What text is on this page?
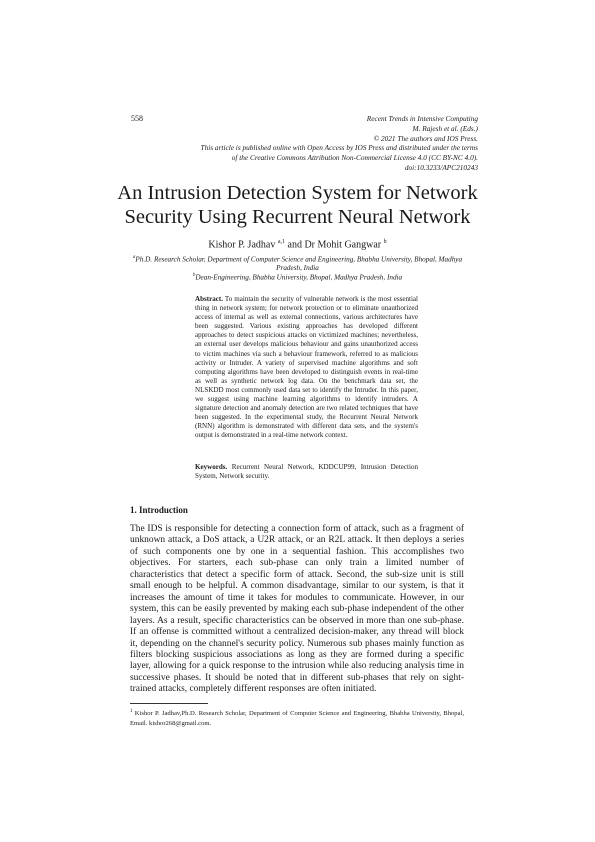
558	Recent Trends in Intensive Computing
M. Rajesh et al. (Eds.)
© 2021 The authors and IOS Press.
This article is published online with Open Access by IOS Press and distributed under the terms
of the Creative Commons Attribution Non-Commercial License 4.0 (CC BY-NC 4.0).
doi:10.3233/APC210243
An Intrusion Detection System for Network
Security Using Recurrent Neural Network
Kishor P. Jadhav $^{a,1}$ and Dr Mohit Gangwar $^b$
$^a$Ph.D. Research Scholar, Department of Computer Science and Engineering, Bhabha University, Bhopal, Madhya Pradesh, India
$^b$Dean-Engineering, Bhabha University, Bhopal, Madhya Pradesh, India

Abstract. To maintain the security of vulnerable network is the most essential thing in network system; for network protection or to eliminate unauthorized access of internal as well as external connections, various architectures have been suggested. Various existing approaches has developed different approaches to detect suspicious attacks on victimized machines; nevertheless, an external user develops malicious behaviour and gains unauthorized access to victim machines via such a behaviour framework, referred to as malicious activity or Intruder. A variety of supervised machine algorithms and soft computing algorithms have been developed to distinguish events in real-time as well as synthetic network log data. On the benchmark data set, the NLSKDD most commonly used data set to identify the Intruder. In this paper, we suggest using machine learning algorithms to identify intruders. A signature detection and anomaly detection are two related techniques that have been suggested. In the experimental study, the Recurrent Neural Network (RNN) algorithm is demonstrated with different data sets, and the system's output is demonstrated in a real-time network context.

Keywords. Recurrent Neural Network, KDDCUP99, Intrusion Detection System, Network security.

1. Introduction

The IDS is responsible for detecting a connection form of attack, such as a fragment of unknown attack, a DoS attack, a U2R attack, or an R2L attack. It then deploys a series of such components one by one in a sequential fashion. This accomplishes two objectives. For starters, each sub-phase can only train a limited number of characteristics that detect a specific form of attack. Second, the sub-size unit is still small enough to be helpful. A common disadvantage, similar to our system, is that it increases the amount of time it takes for modules to communicate. However, in our system, this can be easily prevented by making each sub-phase independent of the other layers. As a result, specific characteristics can be observed in more than one sub-phase. If an offense is committed without a centralized decision-maker, any thread will block it, depending on the channel's security policy. Numerous sub phases mainly function as filters blocking suspicious associations as long as they are formed during a specific layer, allowing for a quick response to the intrusion while also reducing analysis time in successive phases. It should be noted that in different sub-phases that rely on sight-trained attacks, completely different responses are often initiated.

$^1$ Kishor P. Jadhav,Ph.D. Research Scholar, Department of Computer Science and Engineering, Bhabha University, Bhopal, Email. kishor268@gmail.com.
